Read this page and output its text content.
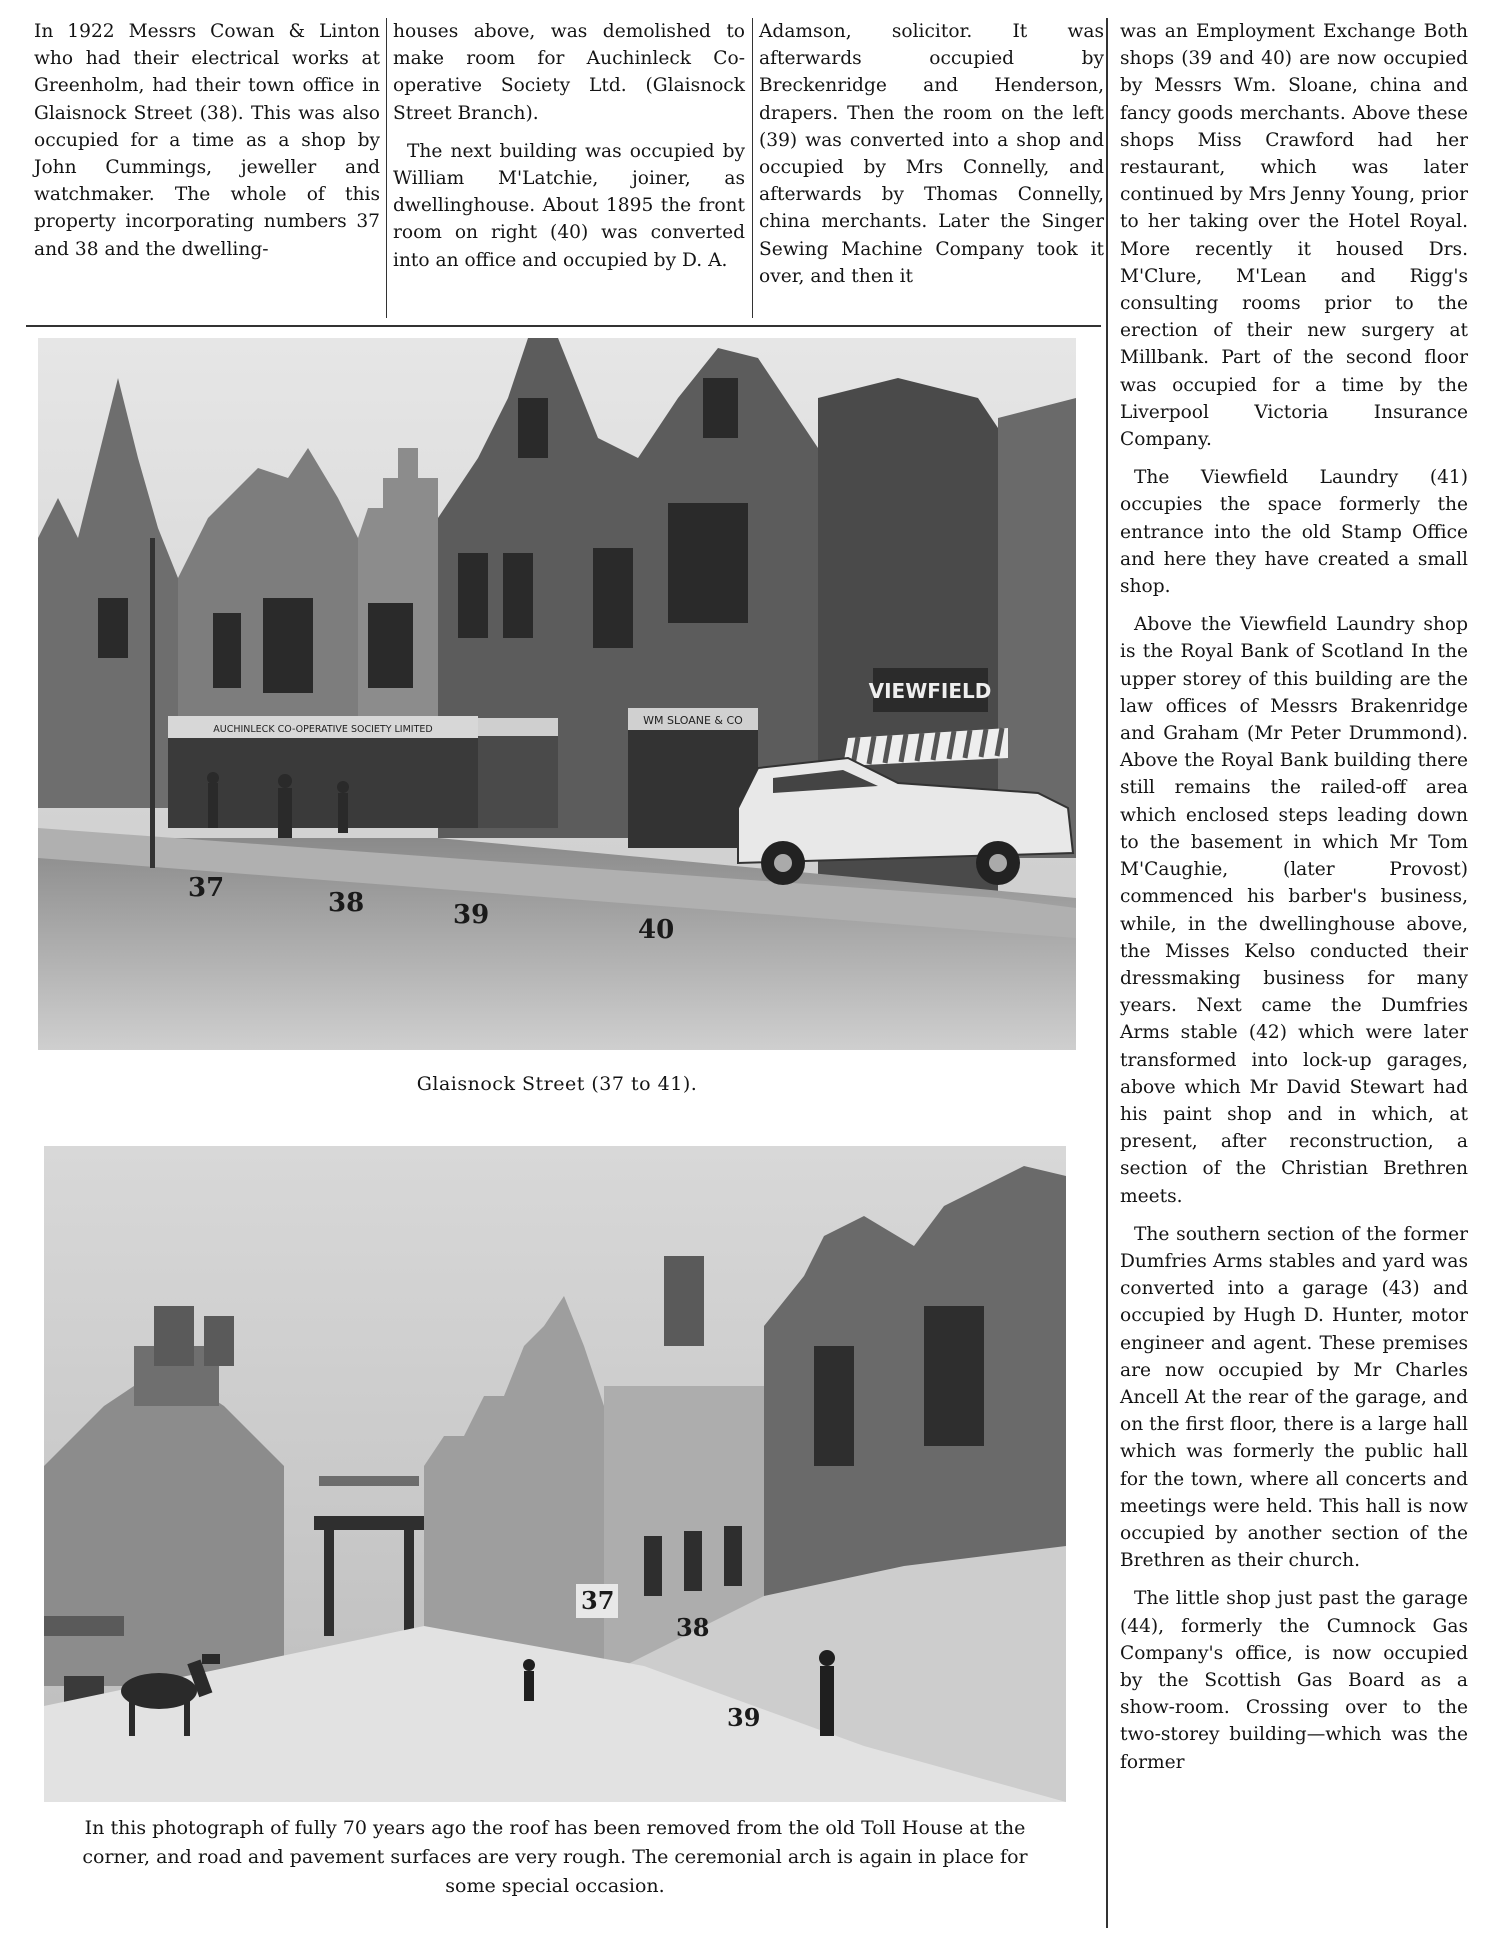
In 1922 Messrs Cowan & Linton who had their electrical works at Greenholm, had their town office in Glaisnock Street (38). This was also occupied for a time as a shop by John Cummings, jeweller and watchmaker. The whole of this property incorporating numbers 37 and 38 and the dwelling-

houses above, was demolished to make room for Auchinleck Co-operative Society Ltd. (Glaisnock Street Branch).

The next building was occupied by William M'Latchie, joiner, as dwellinghouse. About 1895 the front room on right (40) was converted into an office and occupied by D. A.

Adamson, solicitor. It was afterwards occupied by Breckenridge and Henderson, drapers. Then the room on the left (39) was converted into a shop and occupied by Mrs Connelly, and afterwards by Thomas Connelly, china merchants. Later the Singer Sewing Machine Company took it over, and then it

was an Employment Exchange Both shops (39 and 40) are now occupied by Messrs Wm. Sloane, china and fancy goods merchants. Above these shops Miss Crawford had her restaurant, which was later continued by Mrs Jenny Young, prior to her taking over the Hotel Royal. More recently it housed Drs. M'Clure, M'Lean and Rigg's consulting rooms prior to the erection of their new surgery at Millbank. Part of the second floor was occupied for a time by the Liverpool Victoria Insurance Company.

The Viewfield Laundry (41) occupies the space formerly the entrance into the old Stamp Office and here they have created a small shop.

Above the Viewfield Laundry shop is the Royal Bank of Scotland In the upper storey of this building are the law offices of Messrs Brakenridge and Graham (Mr Peter Drummond). Above the Royal Bank building there still remains the railed-off area which enclosed steps leading down to the basement in which Mr Tom M'Caughie, (later Provost) commenced his barber's business, while, in the dwellinghouse above, the Misses Kelso conducted their dressmaking business for many years. Next came the Dumfries Arms stable (42) which were later transformed into lock-up garages, above which Mr David Stewart had his paint shop and in which, at present, after reconstruction, a section of the Christian Brethren meets.

The southern section of the former Dumfries Arms stables and yard was converted into a garage (43) and occupied by Hugh D. Hunter, motor engineer and agent. These premises are now occupied by Mr Charles Ancell At the rear of the garage, and on the first floor, there is a large hall which was formerly the public hall for the town, where all concerts and meetings were held. This hall is now occupied by another section of the Brethren as their church.

The little shop just past the garage (44), formerly the Cumnock Gas Company's office, is now occupied by the Scottish Gas Board as a show-room. Crossing over to the two-storey building—which was the former

AUCHINLECK CO-OPERATIVE SOCIETY LIMITED
WM SLOANE & CO
VIEWFIELD
37	38	39	40
Glaisnock Street (37 to 41).
37
38
39
In this photograph of fully 70 years ago the roof has been removed from the old Toll House at the corner, and road and pavement surfaces are very rough. The ceremonial arch is again in place for some special occasion.
